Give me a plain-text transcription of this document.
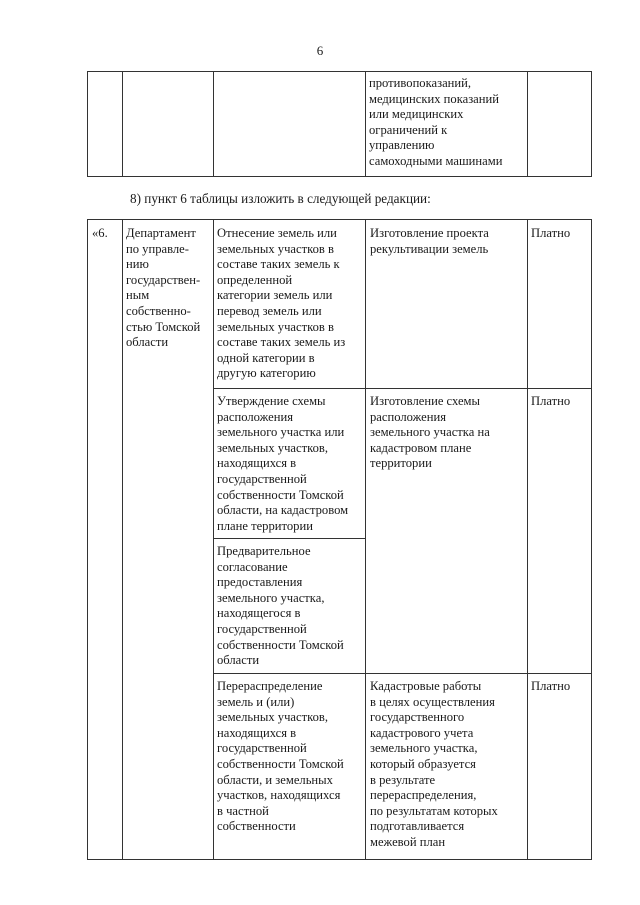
6
противопоказаний,
медицинских показаний
или медицинских
ограничений к
управлению
самоходными машинами
8) пункт 6 таблицы изложить в следующей редакции:
«6.	Департамент
по управле-
нию
государствен-
ным
собственно-
стью Томской
области
Отнесение земель или
земельных участков в
составе таких земель к
определенной
категории земель или
перевод земель или
земельных участков в
составе таких земель из
одной категории в
другую категорию
Утверждение схемы
расположения
земельного участка или
земельных участков,
находящихся в
государственной
собственности Томской
области, на кадастровом
плане территории
Предварительное
согласование
предоставления
земельного участка,
находящегося в
государственной
собственности Томской
области
Перераспределение
земель и (или)
земельных участков,
находящихся в
государственной
собственности Томской
области, и земельных
участков, находящихся
в частной
собственности
Изготовление проекта
рекультивации земель
Изготовление схемы
расположения
земельного участка на
кадастровом плане
территории
Кадастровые работы
в целях осуществления
государственного
кадастрового учета
земельного участка,
который образуется
в результате
перераспределения,
по результатам которых
подготавливается
межевой план
Платно
Платно
Платно
